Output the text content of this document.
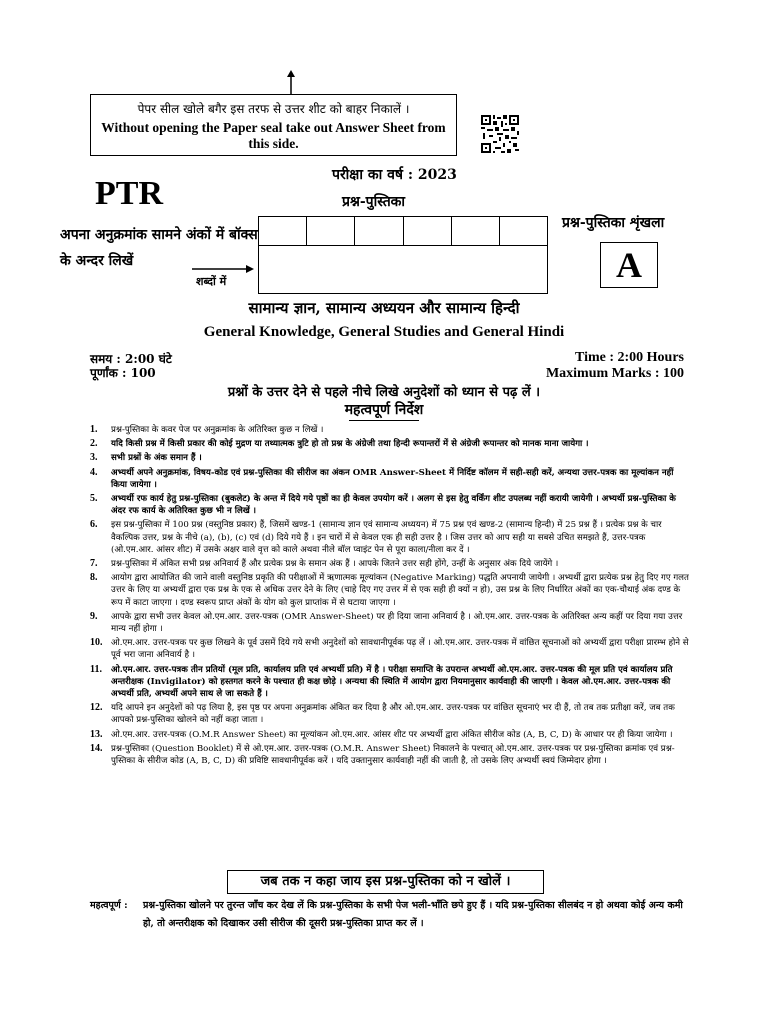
पेपर सील खोले बगैर इस तरफ से उत्तर शीट को बाहर निकालें ।
Without opening the Paper seal take out Answer Sheet from this side.
परीक्षा का वर्ष : 2023
प्रश्न-पुस्तिका
PTR
अपना अनुक्रमांक सामने अंकों में बॉक्स के अन्दर लिखें
शब्दों में
प्रश्न-पुस्तिका शृंखला
A
सामान्य ज्ञान, सामान्य अध्ययन और सामान्य हिन्दी
General Knowledge, General Studies and General Hindi
समय : 2:00 घंटे
पूर्णांक : 100
Time : 2:00 Hours
Maximum Marks : 100
प्रश्नों के उत्तर देने से पहले नीचे लिखे अनुदेशों को ध्यान से पढ़ लें ।
महत्वपूर्ण निर्देश
1. प्रश्न-पुस्तिका के कवर पेज पर अनुक्रमांक के अतिरिक्त कुछ न लिखें ।
2. यदि किसी प्रश्न में किसी प्रकार की कोई मुद्रण या तथ्यात्मक त्रुटि हो तो प्रश्न के अंग्रेजी तथा हिन्दी रूपान्तरों में से अंग्रेजी रूपान्तर को मानक माना जायेगा ।
3. सभी प्रश्नों के अंक समान हैं ।
4. अभ्यर्थी अपने अनुक्रमांक, विषय-कोड एवं प्रश्न-पुस्तिका की सीरीज का अंकन OMR Answer-Sheet में निर्दिष्ट कॉलम में सही-सही करें, अन्यथा उत्तर-पत्रक का मूल्यांकन नहीं किया जायेगा ।
5. अभ्यर्थी रफ कार्य हेतु प्रश्न-पुस्तिका (बुकलेट) के अन्त में दिये गये पृष्ठों का ही केवल उपयोग करें । अलग से इस हेतु वर्किंग शीट उपलब्ध नहीं करायी जायेगी । अभ्यर्थी प्रश्न-पुस्तिका के अंदर रफ कार्य के अतिरिक्त कुछ भी न लिखें ।
6. इस प्रश्न-पुस्तिका में 100 प्रश्न (वस्तुनिष्ठ प्रकार) हैं, जिसमें खण्ड-1 (सामान्य ज्ञान एवं सामान्य अध्ययन) में 75 प्रश्न एवं खण्ड-2 (सामान्य हिन्दी) में 25 प्रश्न हैं । प्रत्येक प्रश्न के चार वैकल्पिक उत्तर, प्रश्न के नीचे (a), (b), (c) एवं (d) दिये गये हैं । इन चारों में से केवल एक ही सही उत्तर है । जिस उत्तर को आप सही या सबसे उचित समझते हैं, उत्तर-पत्रक (ओ.एम.आर. आंसर शीट) में उसके अक्षर वाले वृत्त को काले अथवा नीले बॉल प्वाइंट पेन से पूरा काला/नीला कर दें ।
7. प्रश्न-पुस्तिका में अंकित सभी प्रश्न अनिवार्य हैं और प्रत्येक प्रश्न के समान अंक हैं । आपके जितने उत्तर सही होंगे, उन्हीं के अनुसार अंक दिये जायेंगे ।
8. आयोग द्वारा आयोजित की जाने वाली वस्तुनिष्ठ प्रकृति की परीक्षाओं में ऋणात्मक मूल्यांकन (Negative Marking) पद्धति अपनायी जायेगी । अभ्यर्थी द्वारा प्रत्येक प्रश्न हेतु दिए गए गलत उत्तर के लिए या अभ्यर्थी द्वारा एक प्रश्न के एक से अधिक उत्तर देने के लिए (चाहे दिए गए उत्तर में से एक सही ही क्यों न हो), उस प्रश्न के लिए निर्धारित अंकों का एक-चौथाई अंक दण्ड के रूप में काटा जाएगा । दण्ड स्वरूप प्राप्त अंकों के योग को कुल प्राप्तांक में से घटाया जाएगा ।
9. आपके द्वारा सभी उत्तर केवल ओ.एम.आर. उत्तर-पत्रक (OMR Answer-Sheet) पर ही दिया जाना अनिवार्य है । ओ.एम.आर. उत्तर-पत्रक के अतिरिक्त अन्य कहीं पर दिया गया उत्तर मान्य नहीं होगा ।
10. ओ.एम.आर. उत्तर-पत्रक पर कुछ लिखने के पूर्व उसमें दिये गये सभी अनुदेशों को सावधानीपूर्वक पढ़ लें । ओ.एम.आर. उत्तर-पत्रक में वांछित सूचनाओं को अभ्यर्थी द्वारा परीक्षा प्रारम्भ होने से पूर्व भरा जाना अनिवार्य है ।
11. ओ.एम.आर. उत्तर-पत्रक तीन प्रतियों (मूल प्रति, कार्यालय प्रति एवं अभ्यर्थी प्रति) में है । परीक्षा समाप्ति के उपरान्त अभ्यर्थी ओ.एम.आर. उत्तर-पत्रक की मूल प्रति एवं कार्यालय प्रति अन्तरीक्षक (Invigilator) को हस्तगत करने के पश्चात ही कक्ष छोड़े । अन्यथा की स्थिति में आयोग द्वारा नियमानुसार कार्यवाही की जाएगी । केवल ओ.एम.आर. उत्तर-पत्रक की अभ्यर्थी प्रति, अभ्यर्थी अपने साथ ले जा सकते हैं ।
12. यदि आपने इन अनुदेशों को पढ़ लिया है, इस पृष्ठ पर अपना अनुक्रमांक अंकित कर दिया है और ओ.एम.आर. उत्तर-पत्रक पर वांछित सूचनाएं भर दी हैं, तो तब तक प्रतीक्षा करें, जब तक आपको प्रश्न-पुस्तिका खोलने को नहीं कहा जाता ।
13. ओ.एम.आर. उत्तर-पत्रक (O.M.R Answer Sheet) का मूल्यांकन ओ.एम.आर. आंसर शीट पर अभ्यर्थी द्वारा अंकित सीरीज कोड (A, B, C, D) के आधार पर ही किया जायेगा ।
14. प्रश्न-पुस्तिका (Question Booklet) में से ओ.एम.आर. उत्तर-पत्रक (O.M.R. Answer Sheet) निकालने के पश्चात् ओ.एम.आर. उत्तर-पत्रक पर प्रश्न-पुस्तिका क्रमांक एवं प्रश्न-पुस्तिका के सीरीज कोड (A, B, C, D) की प्रविष्टि सावधानीपूर्वक करें । यदि उक्तानुसार कार्यवाही नहीं की जाती है, तो उसके लिए अभ्यर्थी स्वयं जिम्मेदार होगा ।
जब तक न कहा जाय इस प्रश्न-पुस्तिका को न खोलें ।
महत्वपूर्ण : प्रश्न-पुस्तिका खोलने पर तुरन्त जाँच कर देख लें कि प्रश्न-पुस्तिका के सभी पेज भली-भाँति छपे हुए हैं । यदि प्रश्न-पुस्तिका सीलबंद न हो अथवा कोई अन्य कमी हो, तो अन्तरीक्षक को दिखाकर उसी सीरीज की दूसरी प्रश्न-पुस्तिका प्राप्त कर लें ।
